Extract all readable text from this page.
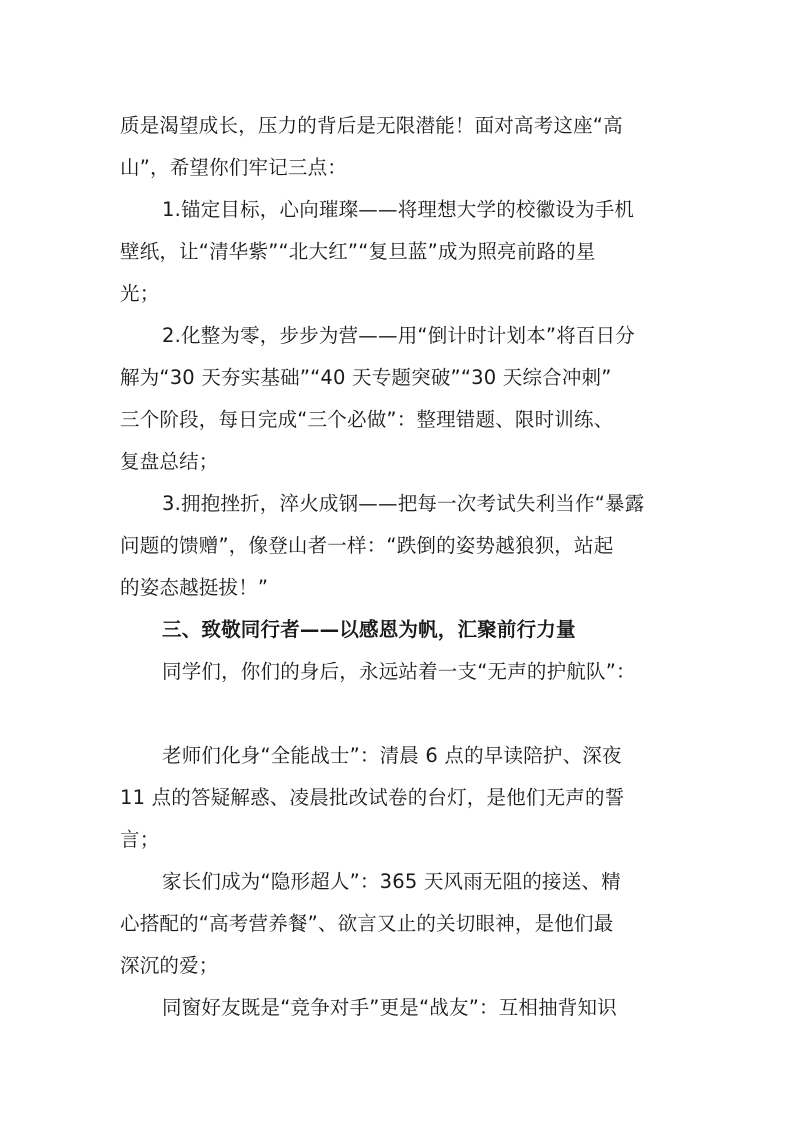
质是渴望成长，压力的背后是无限潜能！面对高考这座“高
山”，希望你们牢记三点：
1.锚定目标，心向璀璨——将理想大学的校徽设为手机
壁纸，让“清华紫”“北大红”“复旦蓝”成为照亮前路的星
光；
2.化整为零，步步为营——用“倒计时计划本”将百日分
解为“30 天夯实基础”“40 天专题突破”“30 天综合冲刺”
三个阶段，每日完成“三个必做”：整理错题、限时训练、
复盘总结；
3.拥抱挫折，淬火成钢——把每一次考试失利当作“暴露
问题的馈赠”，像登山者一样：“跌倒的姿势越狼狈，站起
的姿态越挺拔！”
三、致敬同行者——以感恩为帆，汇聚前行力量
同学们，你们的身后，永远站着一支“无声的护航队”：
老师们化身“全能战士”：清晨 6 点的早读陪护、深夜
11 点的答疑解惑、凌晨批改试卷的台灯，是他们无声的誓
言；
家长们成为“隐形超人”：365 天风雨无阻的接送、精
心搭配的“高考营养餐”、欲言又止的关切眼神，是他们最
深沉的爱；
同窗好友既是“竞争对手”更是“战友”：互相抽背知识
